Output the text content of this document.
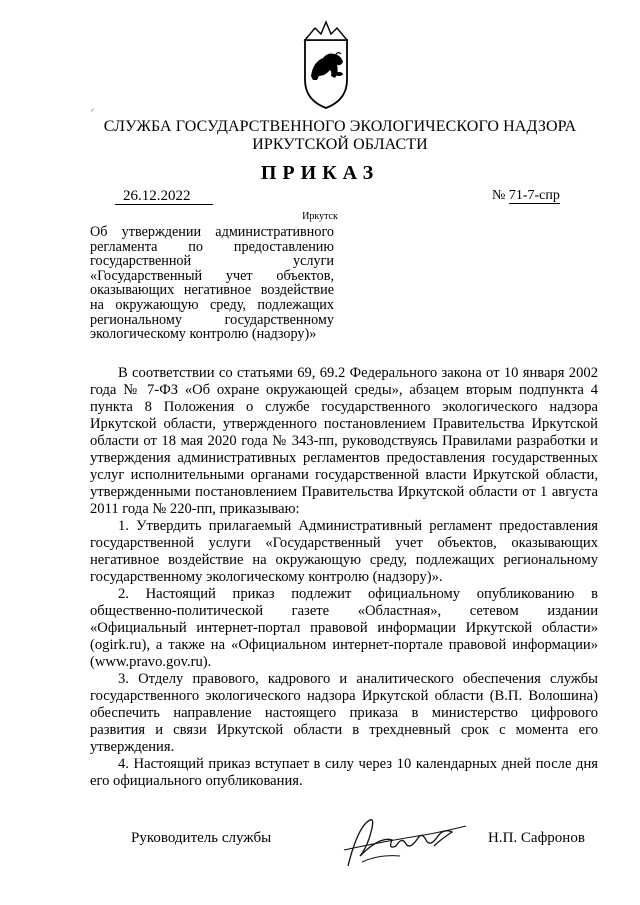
✓
СЛУЖБА ГОСУДАРСТВЕННОГО ЭКОЛОГИЧЕСКОГО НАДЗОРА ИРКУТСКОЙ ОБЛАСТИ
ПРИКАЗ
26.12.2022	№ 71-7-спр
Иркутск
Об утверждении административного регламента по предоставлению государственной услуги «Государственный учет объектов, оказывающих негативное воздействие на окружающую среду, подлежащих региональному государственному экологическому контролю (надзору)»

В соответствии со статьями 69, 69.2 Федерального закона от 10 января 2002 года № 7-ФЗ «Об охране окружающей среды», абзацем вторым подпункта 4 пункта 8 Положения о службе государственного экологического надзора Иркутской области, утвержденного постановлением Правительства Иркутской области от 18 мая 2020 года № 343-пп, руководствуясь Правилами разработки и утверждения административных регламентов предоставления государственных услуг исполнительными органами государственной власти Иркутской области, утвержденными постановлением Правительства Иркутской области от 1 августа 2011 года № 220-пп, приказываю:

1. Утвердить прилагаемый Административный регламент предоставления государственной услуги «Государственный учет объектов, оказывающих негативное воздействие на окружающую среду, подлежащих региональному государственному экологическому контролю (надзору)».

2. Настоящий приказ подлежит официальному опубликованию в общественно-политической газете «Областная», сетевом издании «Официальный интернет-портал правовой информации Иркутской области» (ogirk.ru), а также на «Официальном интернет-портале правовой информации» (www.pravo.gov.ru).

3. Отделу правового, кадрового и аналитического обеспечения службы государственного экологического надзора Иркутской области (В.П. Волошина) обеспечить направление настоящего приказа в министерство цифрового развития и связи Иркутской области в трехдневный срок с момента его утверждения.

4. Настоящий приказ вступает в силу через 10 календарных дней после дня его официального опубликования.

Руководитель службы	Н.П. Сафронов
